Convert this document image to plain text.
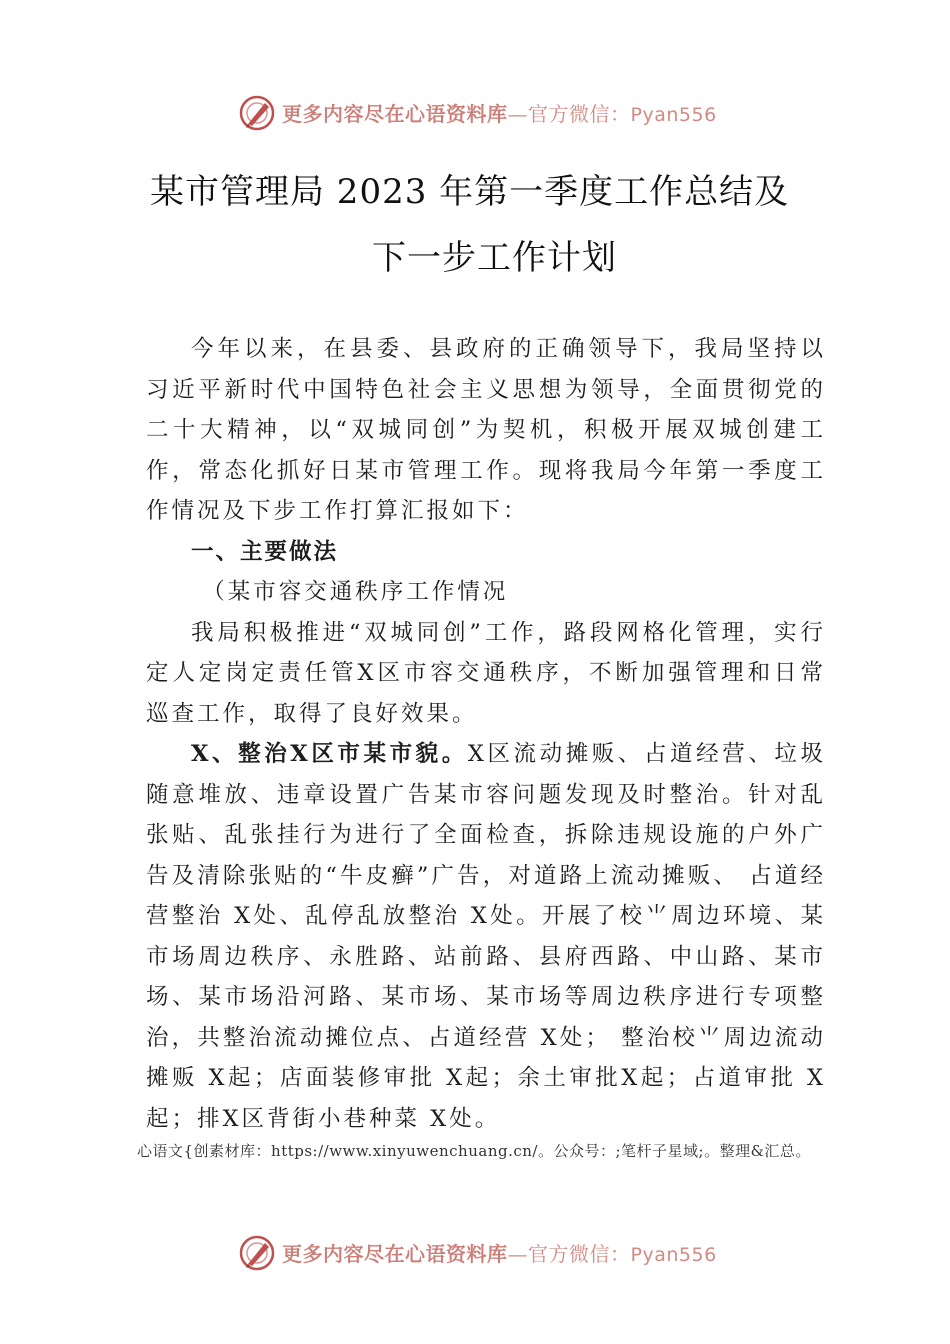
更多内容尽在心语资料库—官方微信：Pyan556
某市管理局 2023 年第一季度工作总结及
下一步工作计划

今年以来，在县委、县政府的正确领导下，我局坚持以习近平新时代中国特色社会主义思想为领导，全面贯彻党的二十大精神，以“双城同创”为契机，积极开展双城创建工作，常态化抓好日某市管理工作。现将我局今年第一季度工作情况及下步工作打算汇报如下：

一、主要做法

（某市容交通秩序工作情况

我局积极推进“双城同创”工作，路段网格化管理，实行定人定岗定责任管X区市容交通秩序，不断加强管理和日常巡查工作，取得了良好效果。

X、整治X区市某市貌。X区流动摊贩、占道经营、垃圾随意堆放、违章设置广告某市容问题发现及时整治。针对乱张贴、乱张挂行为进行了全面检查，拆除违规设施的户外广告及清除张贴的“牛皮癣”广告，对道路上流动摊贩、 占道经营整治 X处、乱停乱放整治 X处。开展了校⺌周边环境、某市场周边秩序、永胜路、站前路、县府西路、中山路、某市场、某市场沿河路、某市场、某市场等周边秩序进行专项整治，共整治流动摊位点、占道经营 X处； 整治校⺌周边流动摊贩 X起；店面装修审批 X起；余土审批X起；占道审批 X起；排X区背街小巷种菜 X处。

心语文{创素材库：https://www.xinyuwenchuang.cn/。公众号：;笔杆子星域;。整理&汇总。
更多内容尽在心语资料库—官方微信：Pyan556
